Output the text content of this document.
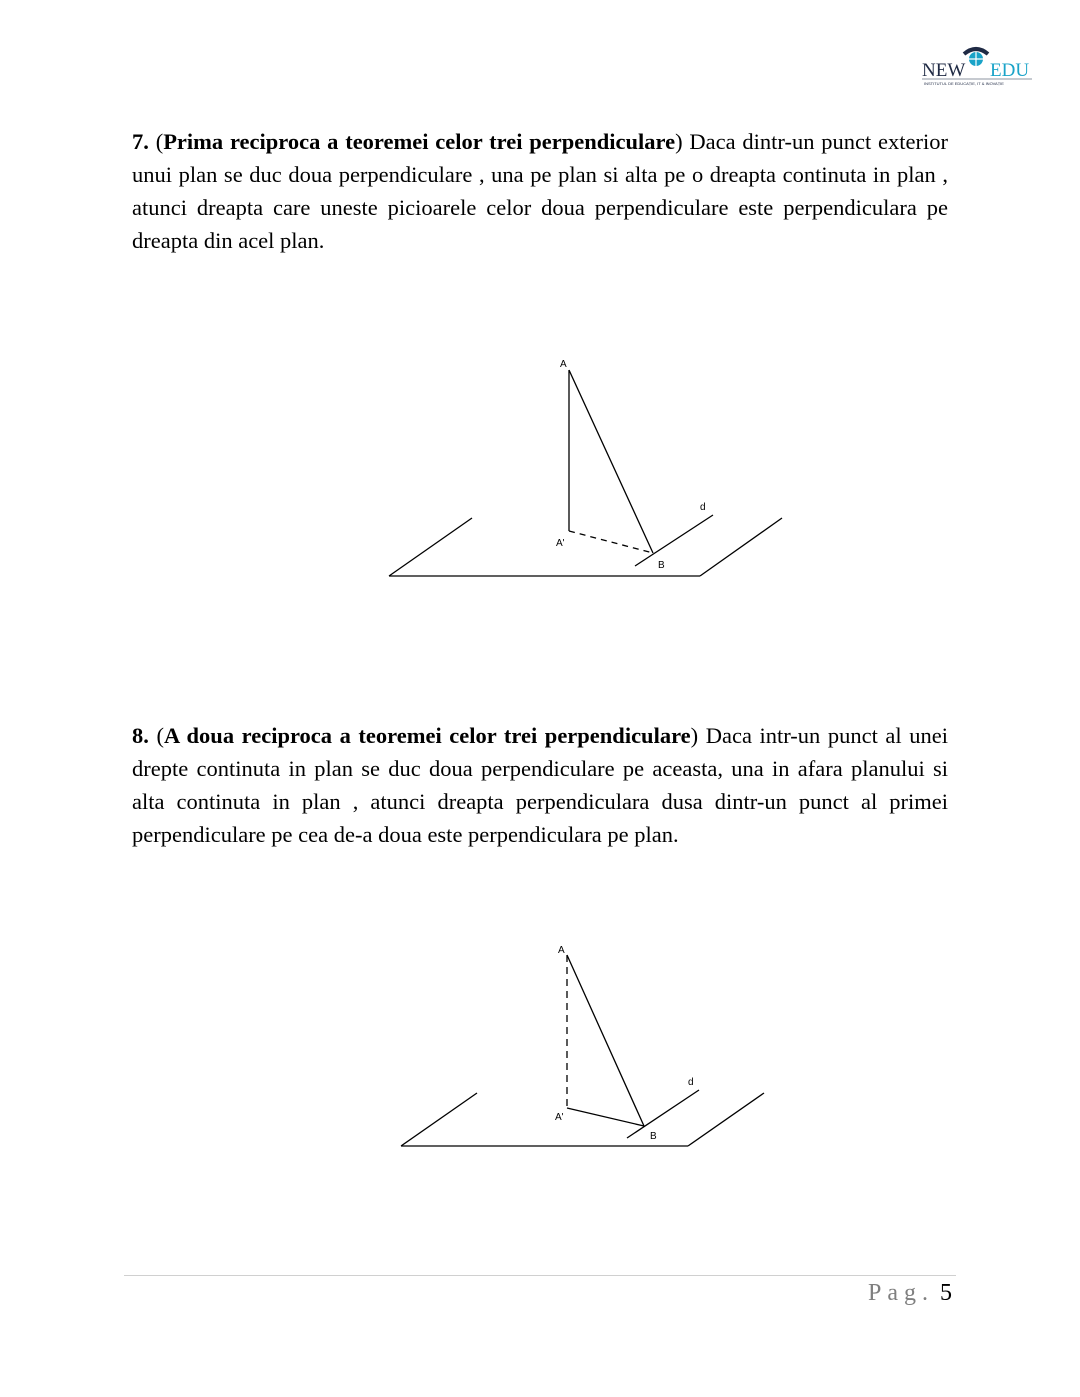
NEW EDU
INSTITUTUL DE EDUCAȚIE, IT & INOVAȚIE

7. (Prima reciproca a teoremei celor trei perpendiculare) Daca dintr-un punct exterior unui plan se duc doua perpendiculare , una pe plan si alta pe o dreapta continuta in plan , atunci dreapta care uneste picioarele celor doua perpendiculare este perpendiculara pe dreapta din acel plan.

A
A'
B
d

8. (A doua reciproca a teoremei celor trei perpendiculare) Daca intr-un punct al unei drepte continuta in plan se duc doua perpendiculare pe aceasta, una in afara planului si alta continuta in plan , atunci dreapta perpendiculara dusa dintr-un punct al primei perpendiculare pe cea de-a doua este perpendiculara pe plan.

A
A'
B
d
Pag. 5
